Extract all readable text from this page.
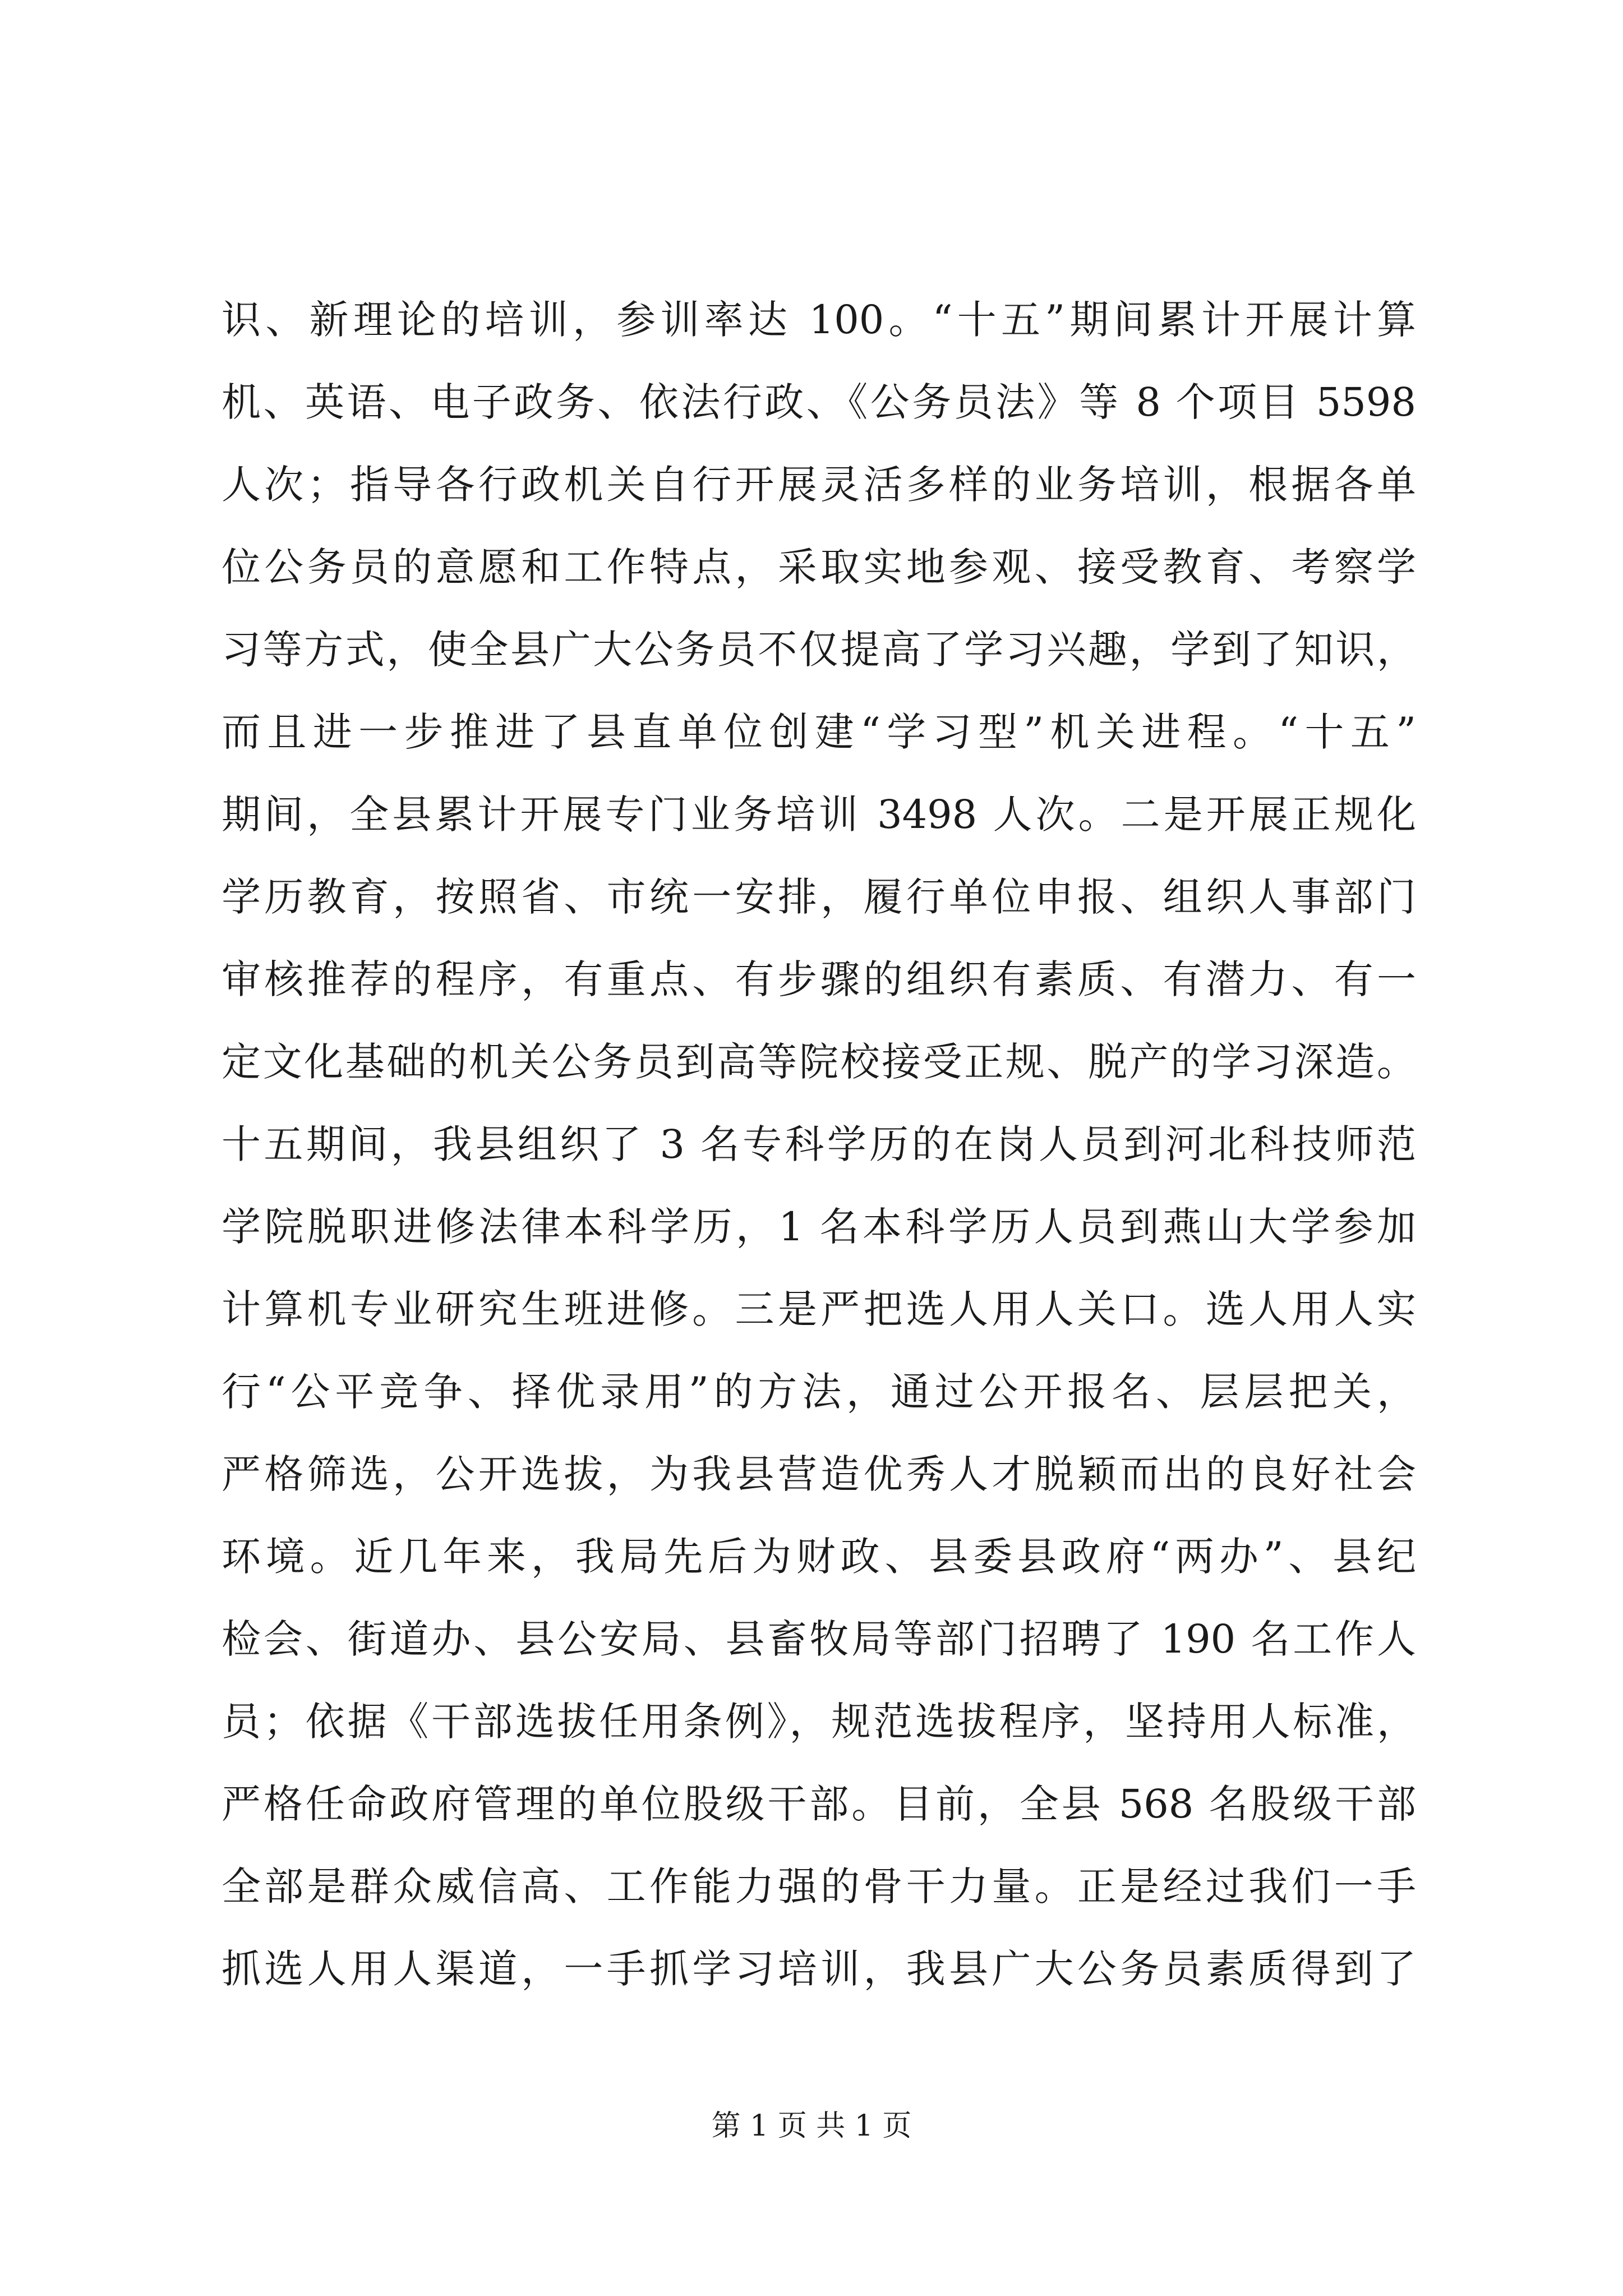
识、新理论的培训，参训率达 100。“十五”期间累计开展计算
机、英语、电子政务、依法行政、《公务员法》等 8 个项目 5598
人次；指导各行政机关自行开展灵活多样的业务培训，根据各单
位公务员的意愿和工作特点，采取实地参观、接受教育、考察学
习等方式，使全县广大公务员不仅提高了学习兴趣，学到了知识，
而且进一步推进了县直单位创建“学习型”机关进程。“十五”
期间，全县累计开展专门业务培训 3498 人次。二是开展正规化
学历教育，按照省、市统一安排，履行单位申报、组织人事部门
审核推荐的程序，有重点、有步骤的组织有素质、有潜力、有一
定文化基础的机关公务员到高等院校接受正规、脱产的学习深造。
十五期间，我县组织了 3 名专科学历的在岗人员到河北科技师范
学院脱职进修法律本科学历，1 名本科学历人员到燕山大学参加
计算机专业研究生班进修。三是严把选人用人关口。选人用人实
行“公平竞争、择优录用”的方法，通过公开报名、层层把关，
严格筛选，公开选拔，为我县营造优秀人才脱颖而出的良好社会
环境。近几年来，我局先后为财政、县委县政府“两办”、县纪
检会、街道办、县公安局、县畜牧局等部门招聘了 190 名工作人
员；依据《干部选拔任用条例》，规范选拔程序，坚持用人标准，
严格任命政府管理的单位股级干部。目前，全县 568 名股级干部
全部是群众威信高、工作能力强的骨干力量。正是经过我们一手
抓选人用人渠道，一手抓学习培训，我县广大公务员素质得到了
第 1 页 共 1 页
